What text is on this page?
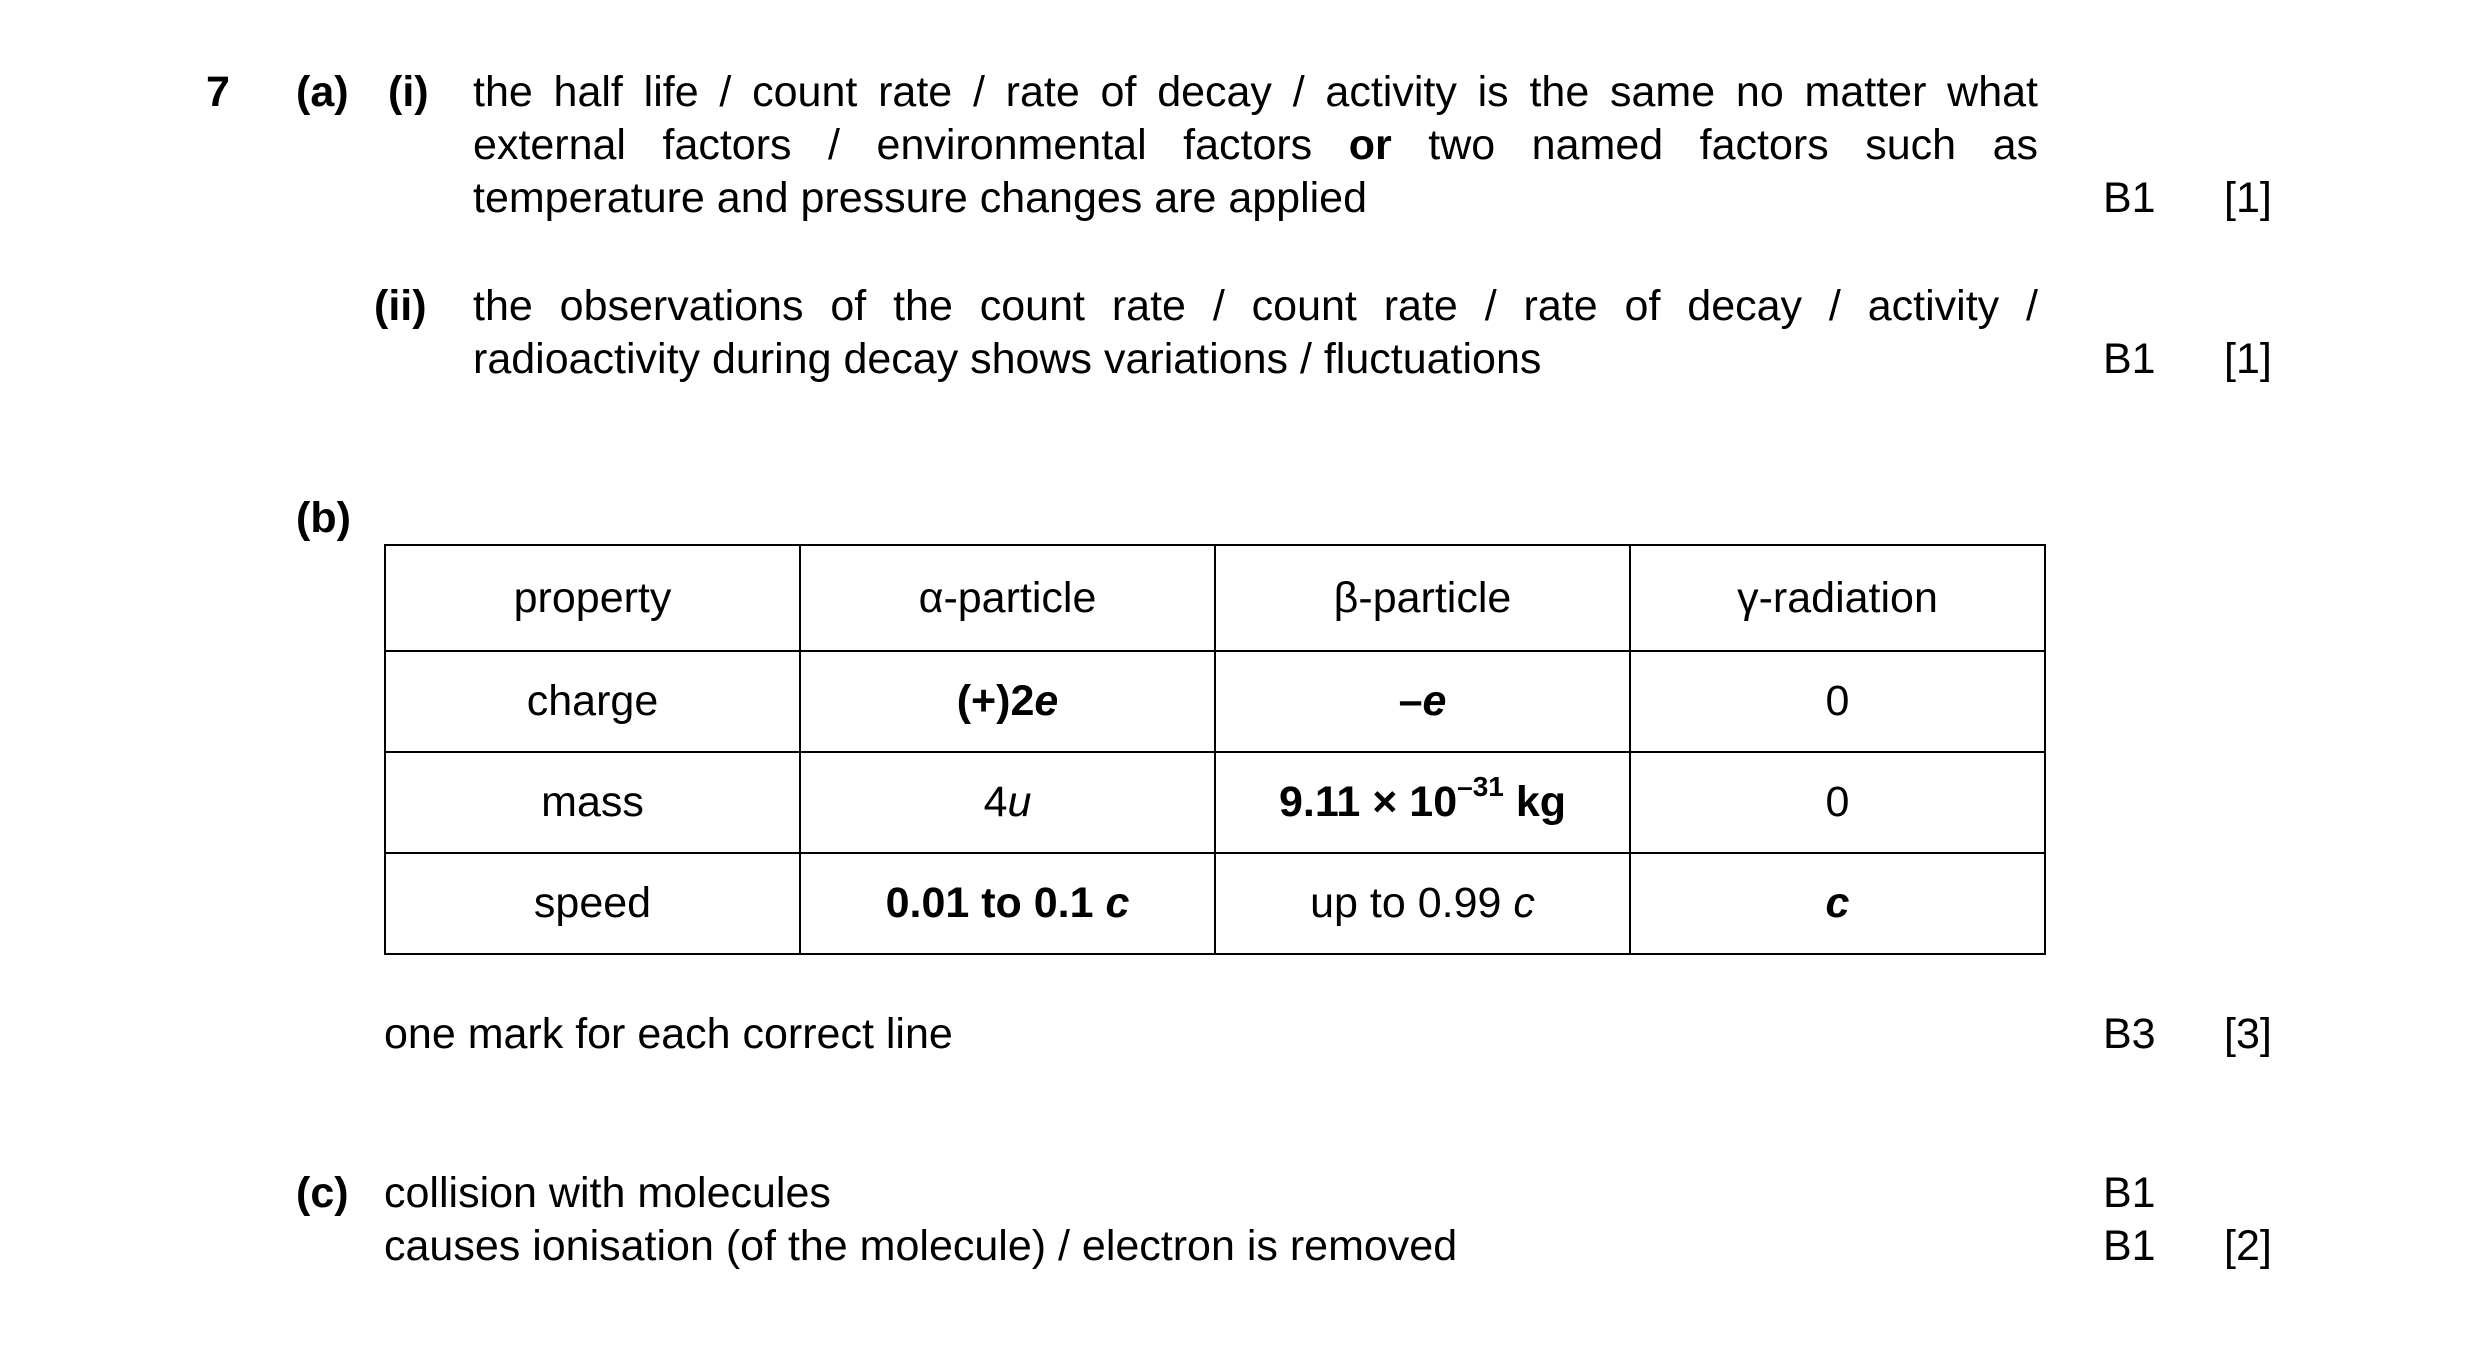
7 (a) (i) the half life / count rate / rate of decay / activity is the same no matter what
external factors / environmental factors or two named factors such as
temperature and pressure changes are applied	B1 [1]
(ii) the observations of the count rate / count rate / rate of decay / activity /
radioactivity during decay shows variations / fluctuations	B1 [1]
(b)
property	α-particle	β-particle	γ-radiation
charge	(+)2e	–e	0
mass	4u	$9.11 \times 10^{-31}$ kg	0
speed	0.01 to 0.1 c	up to 0.99 c	c
one mark for each correct line	B3 [3]
(c) collision with molecules	B1
causes ionisation (of the molecule) / electron is removed	B1 [2]
